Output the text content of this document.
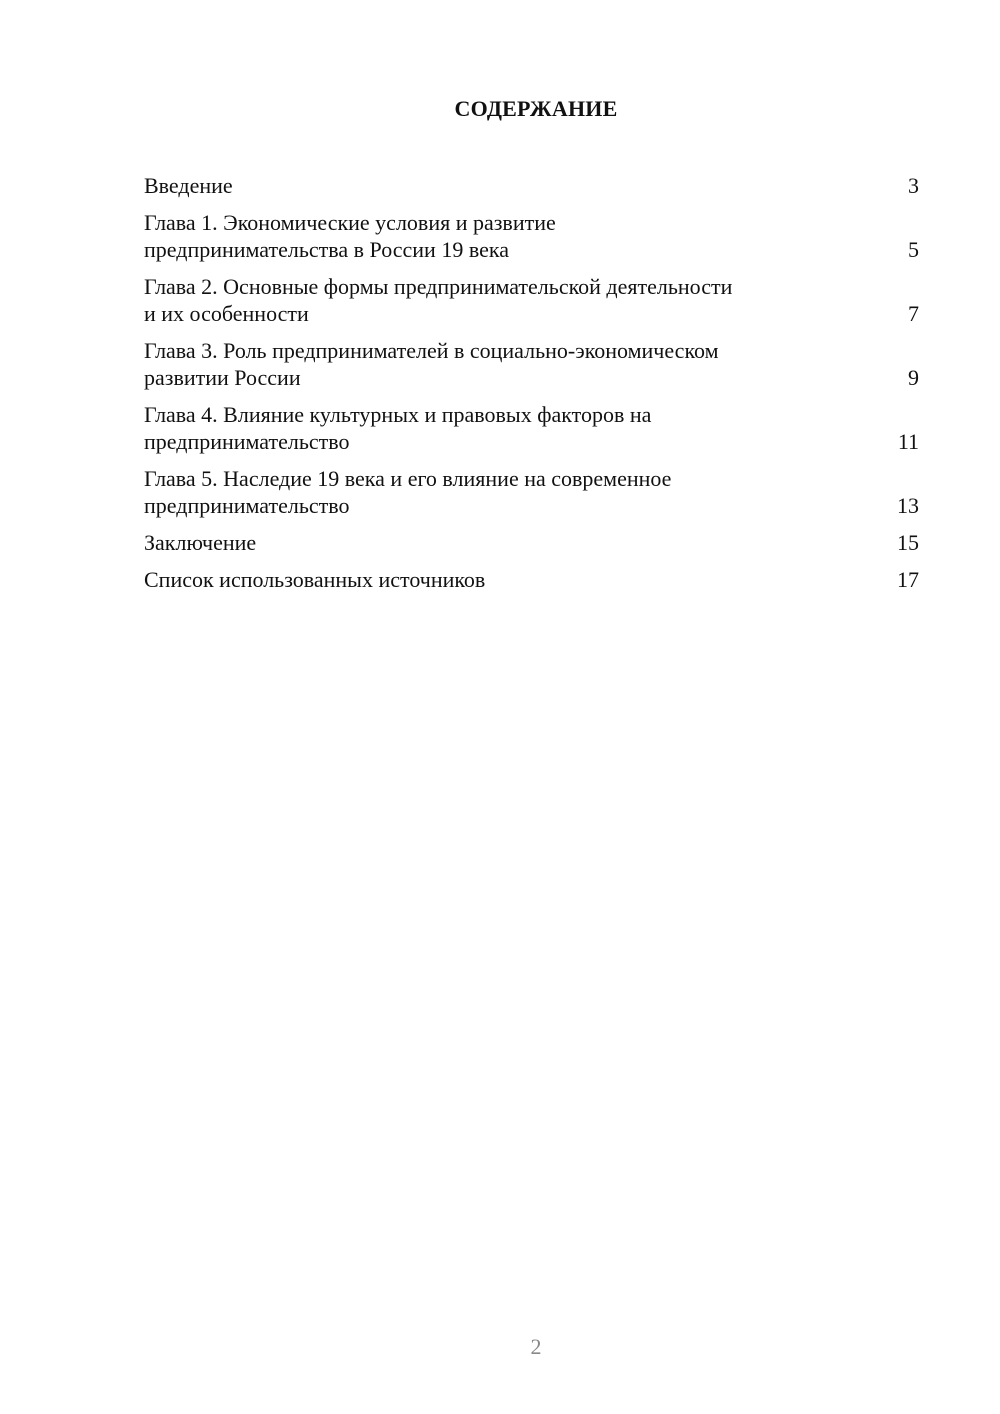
СОДЕРЖАНИЕ
Введение	3
Глава 1. Экономические условия и развитие
предпринимательства в России 19 века	5
Глава 2. Основные формы предпринимательской деятельности
и их особенности	7
Глава 3. Роль предпринимателей в социально-экономическом
развитии России	9
Глава 4. Влияние культурных и правовых факторов на
предпринимательство	11
Глава 5. Наследие 19 века и его влияние на современное
предпринимательство	13
Заключение	15
Список использованных источников	17
2
